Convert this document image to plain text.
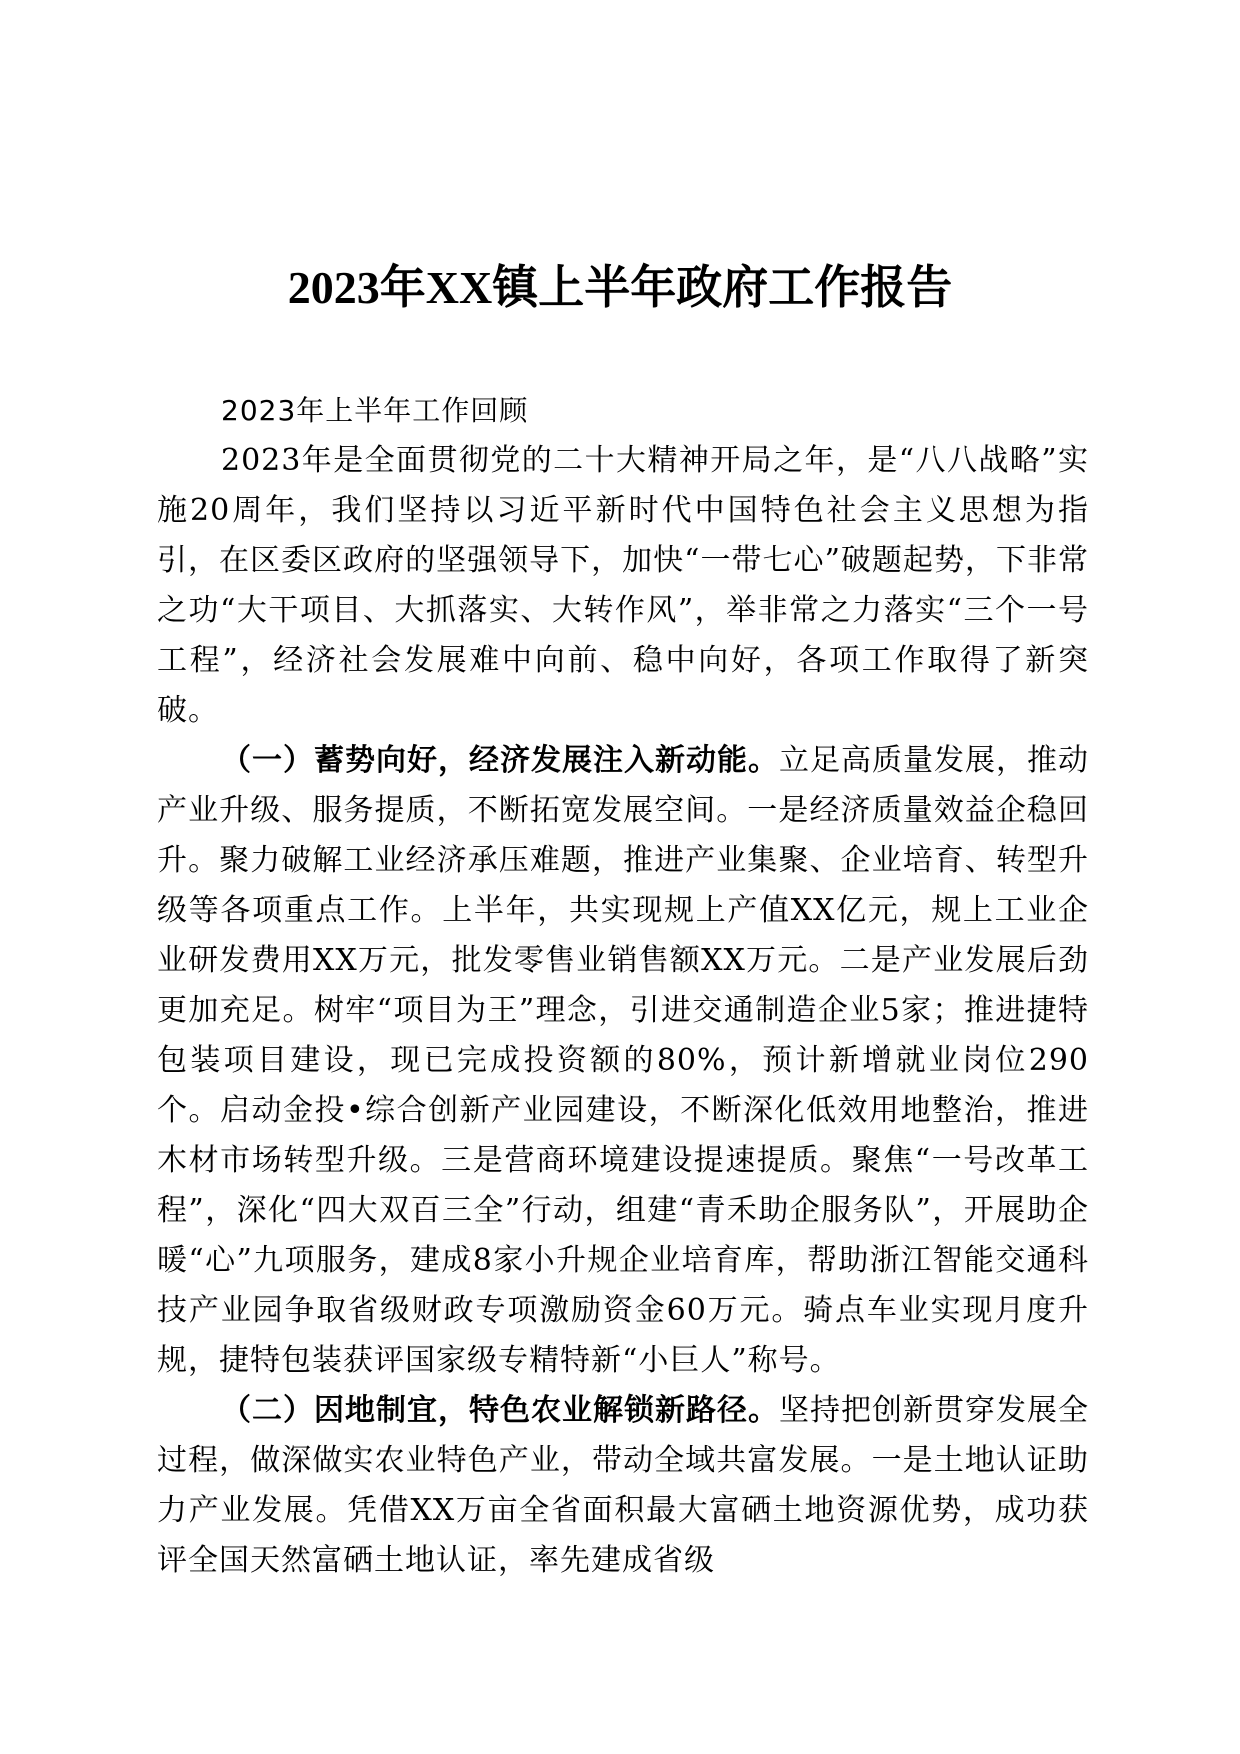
2023年XX镇上半年政府工作报告
2023年上半年工作回顾

2023年是全面贯彻党的二十大精神开局之年，是“八八战略”实施20周年，我们坚持以习近平新时代中国特色社会主义思想为指引，在区委区政府的坚强领导下，加快“一带七心”破题起势，下非常之功“大干项目、大抓落实、大转作风”，举非常之力落实“三个一号工程”，经济社会发展难中向前、稳中向好，各项工作取得了新突破。

（一）蓄势向好，经济发展注入新动能。立足高质量发展，推动产业升级、服务提质，不断拓宽发展空间。一是经济质量效益企稳回升。聚力破解工业经济承压难题，推进产业集聚、企业培育、转型升级等各项重点工作。上半年，共实现规上产值XX亿元，规上工业企业研发费用XX万元，批发零售业销售额XX万元。二是产业发展后劲更加充足。树牢“项目为王”理念，引进交通制造企业5家；推进捷特包装项目建设，现已完成投资额的80%，预计新增就业岗位290个。启动金投•综合创新产业园建设，不断深化低效用地整治，推进木材市场转型升级。三是营商环境建设提速提质。聚焦“一号改革工程”，深化“四大双百三全”行动，组建“青禾助企服务队”，开展助企暖“心”九项服务，建成8家小升规企业培育库，帮助浙江智能交通科技产业园争取省级财政专项激励资金60万元。骑点车业实现月度升规，捷特包装获评国家级专精特新“小巨人”称号。

（二）因地制宜，特色农业解锁新路径。坚持把创新贯穿发展全过程，做深做实农业特色产业，带动全域共富发展。一是土地认证助力产业发展。凭借XX万亩全省面积最大富硒土地资源优势，成功获评全国天然富硒土地认证，率先建成省级
